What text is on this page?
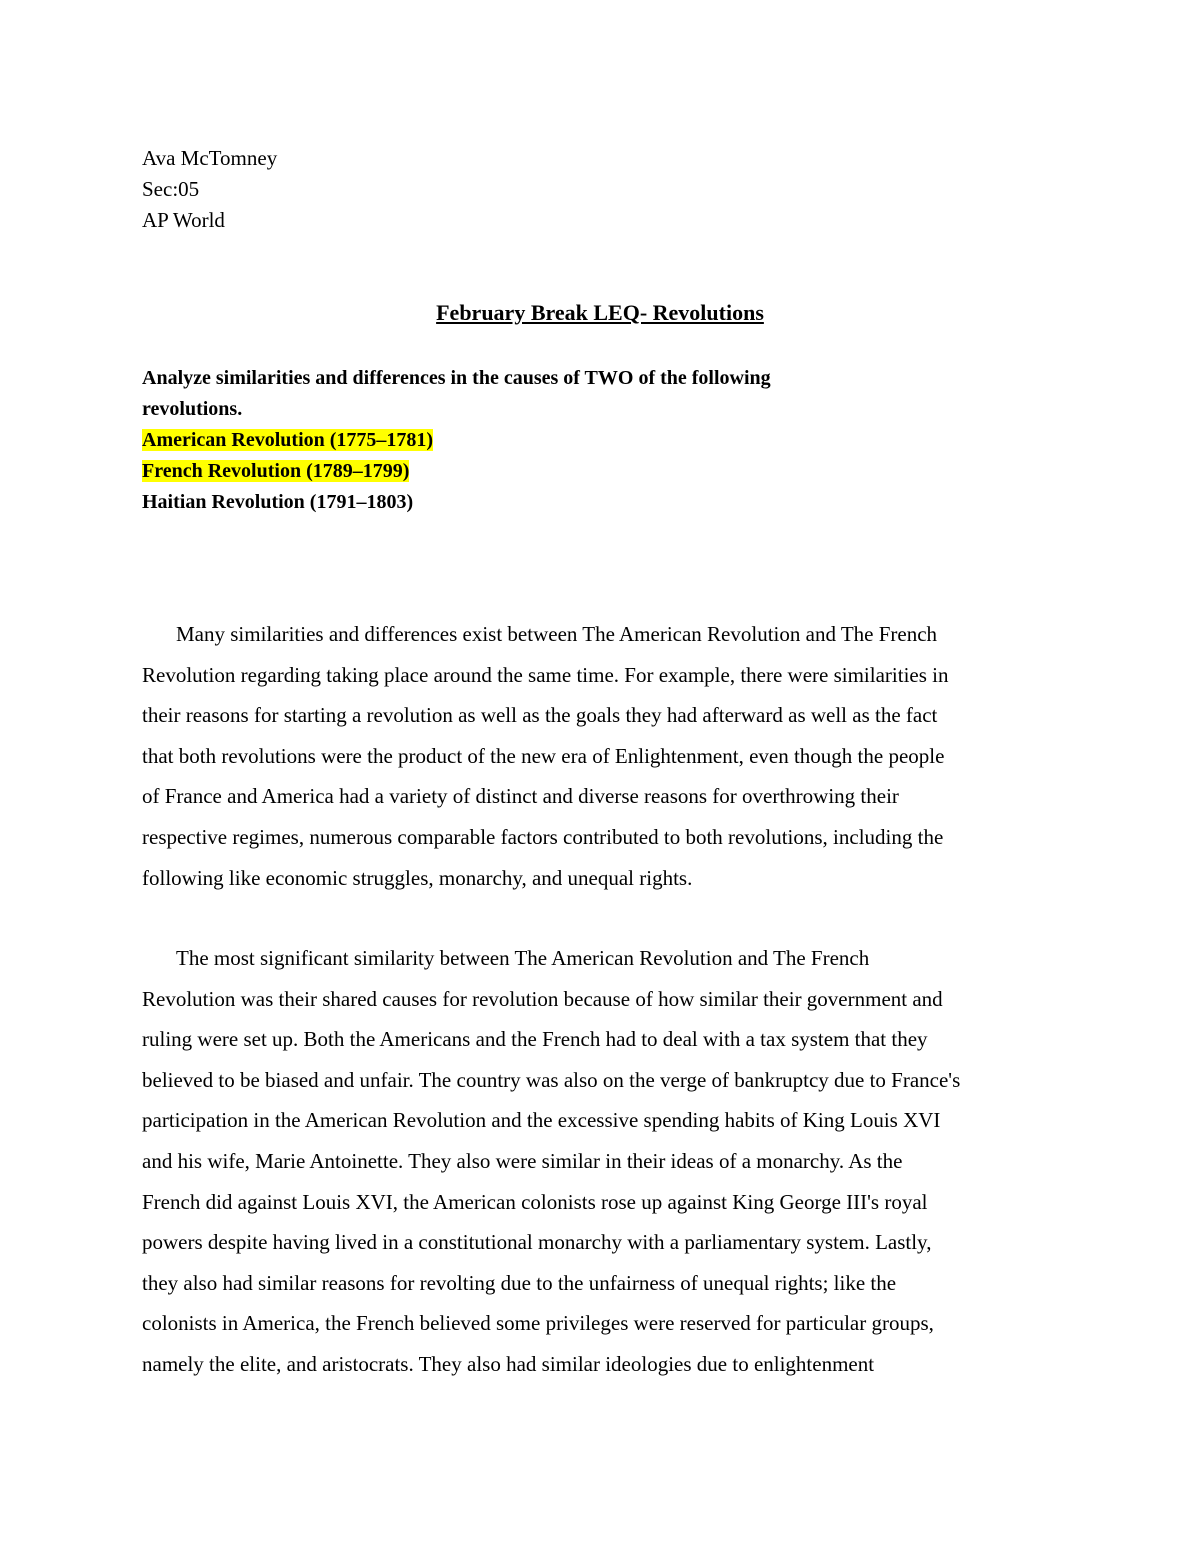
Ava McTomney
Sec:05
AP World
February Break LEQ- Revolutions
Analyze similarities and differences in the causes of TWO of the following
revolutions.
American Revolution (1775–1781)
French Revolution (1789–1799)
Haitian Revolution (1791–1803)
Many similarities and differences exist between The American Revolution and The French
Revolution regarding taking place around the same time. For example, there were similarities in
their reasons for starting a revolution as well as the goals they had afterward as well as the fact
that both revolutions were the product of the new era of Enlightenment, even though the people
of France and America had a variety of distinct and diverse reasons for overthrowing their
respective regimes, numerous comparable factors contributed to both revolutions, including the
following like economic struggles, monarchy, and unequal rights.
The most significant similarity between The American Revolution and The French
Revolution was their shared causes for revolution because of how similar their government and
ruling were set up. Both the Americans and the French had to deal with a tax system that they
believed to be biased and unfair. The country was also on the verge of bankruptcy due to France's
participation in the American Revolution and the excessive spending habits of King Louis XVI
and his wife, Marie Antoinette. They also were similar in their ideas of a monarchy. As the
French did against Louis XVI, the American colonists rose up against King George III's royal
powers despite having lived in a constitutional monarchy with a parliamentary system. Lastly,
they also had similar reasons for revolting due to the unfairness of unequal rights; like the
colonists in America, the French believed some privileges were reserved for particular groups,
namely the elite, and aristocrats. They also had similar ideologies due to enlightenment
